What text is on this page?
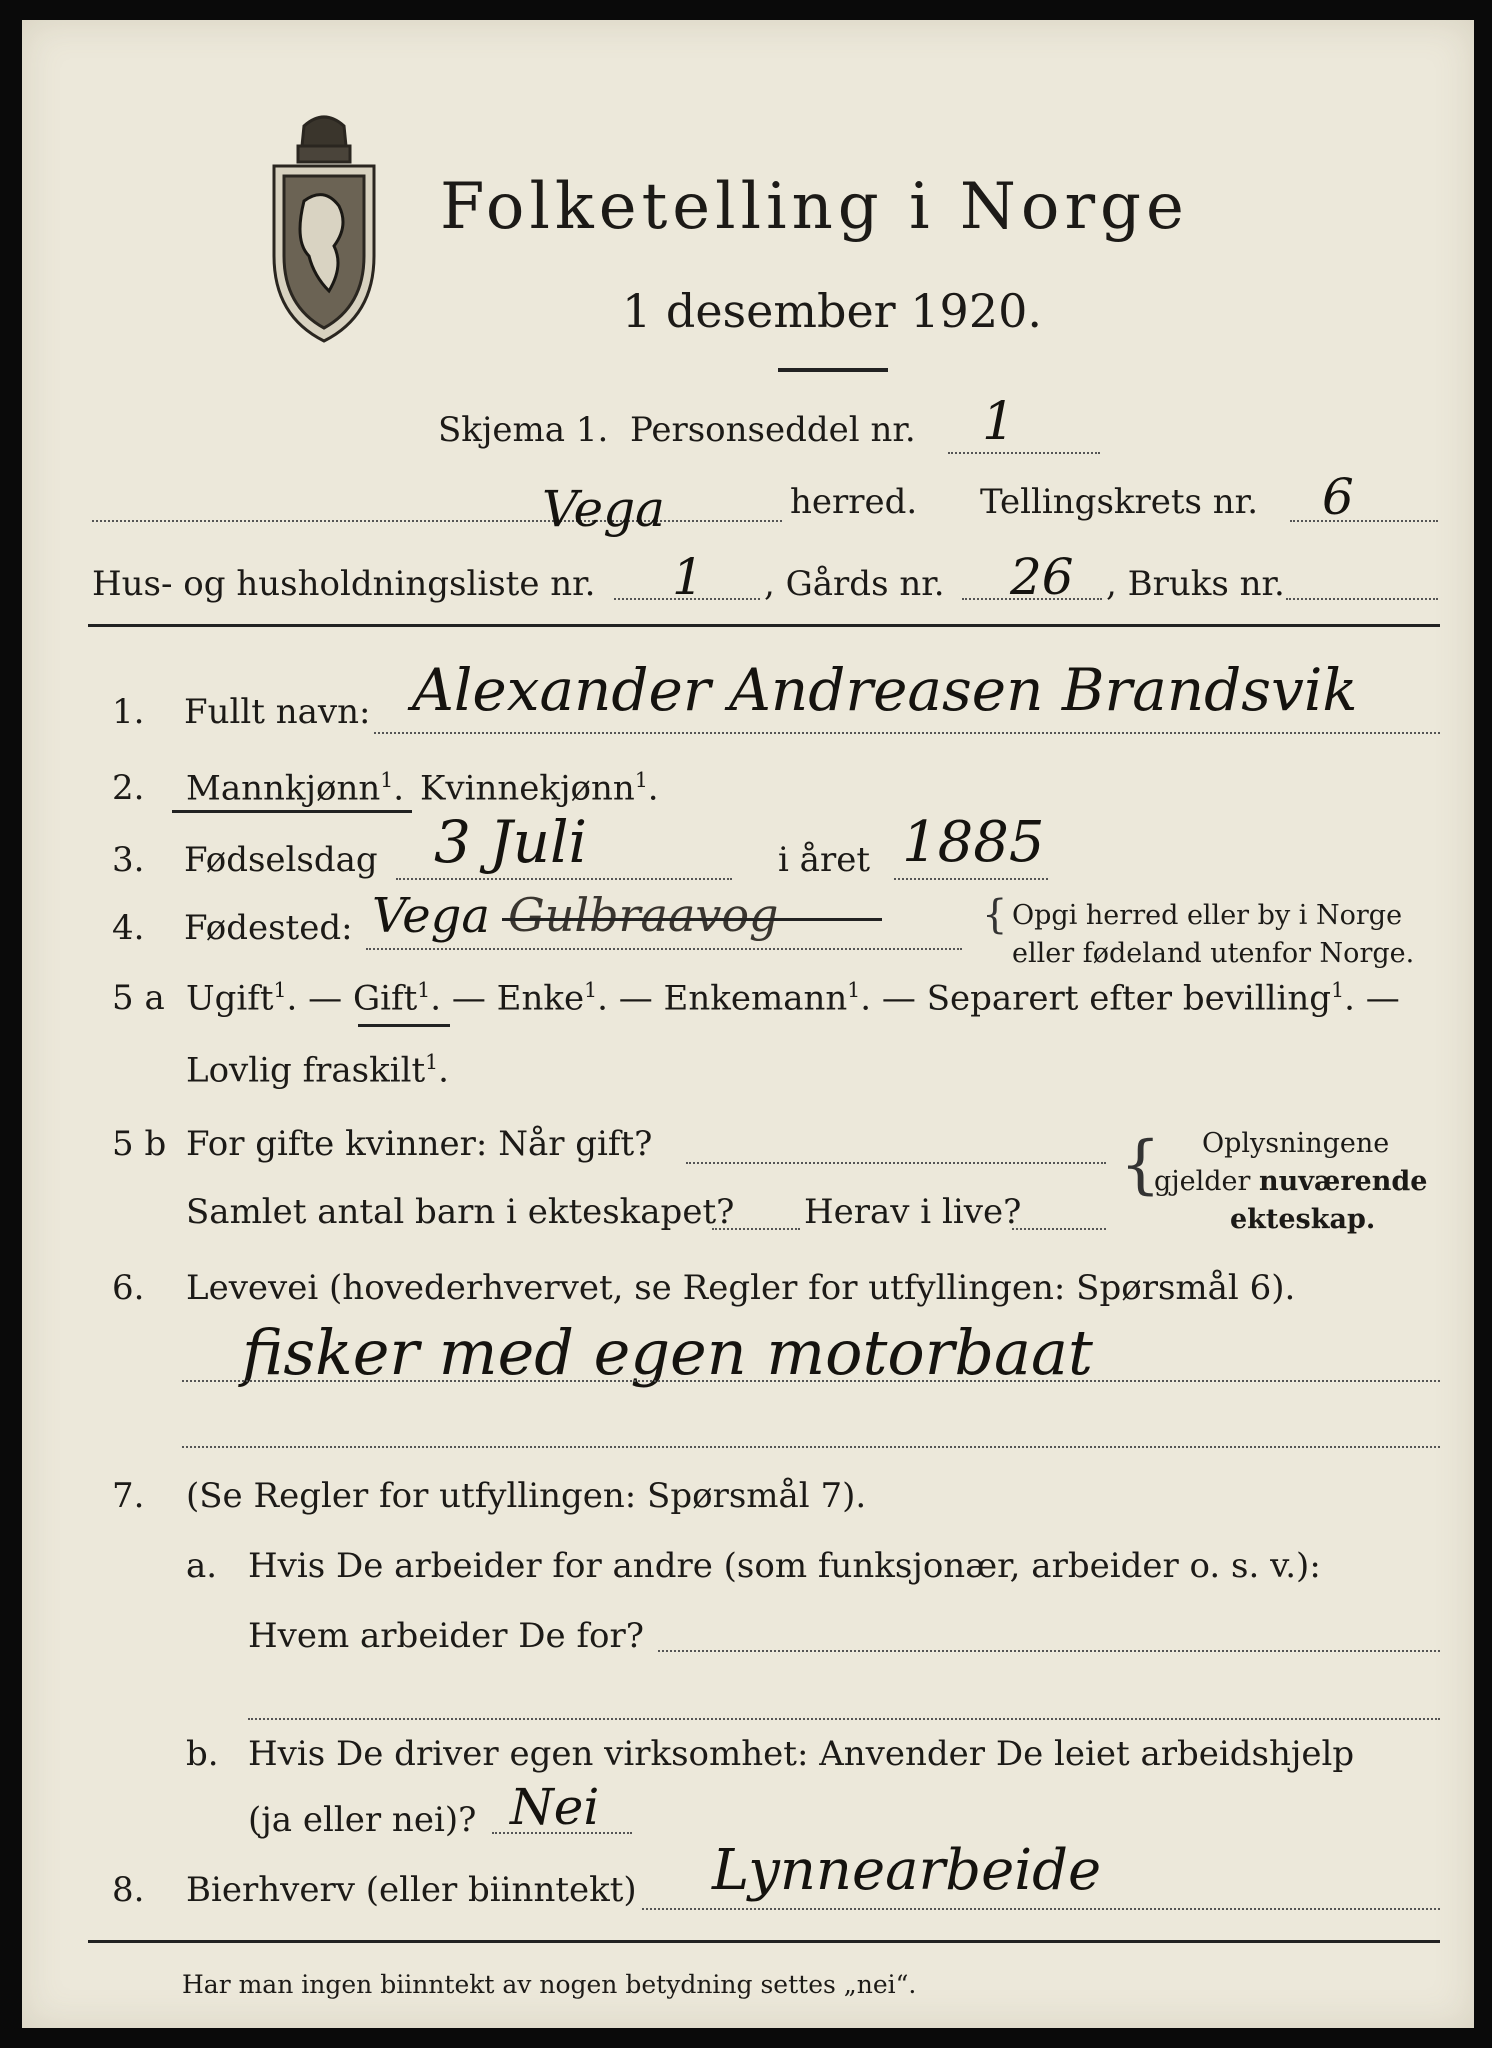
Folketelling i Norge
1 desember 1920.
Skjema 1. Personseddel nr. 1
Vega	herred. Tellingskrets nr. 6
Hus- og husholdningsliste nr. 1 , Gårds nr. 26 , Bruks nr.
1. Fullt navn: Alexander Andreasen Brandsvik
2. Mannkjønn$^1$. Kvinnekjønn$^1$.
3. Fødselsdag 3 Juli	i året 1885
4. Fødested: Vega Gulbraavog	{ Opgi herred eller by i Norge
eller fødeland utenfor Norge.
5 a Ugift$^1$. — Gift$^1$. — Enke$^1$. — Enkemann$^1$. — Separert efter bevilling$^1$. —
Lovlig fraskilt$^1$.
5 b For gifte kvinner: Når gift?
Samlet antal barn i ekteskapet? Herav i live?
{ Oplysningene
gjelder nuværende
ekteskap.
6. Levevei (hovederhvervet, se Regler for utfyllingen: Spørsmål 6).
fisker med egen motorbaat
7. (Se Regler for utfyllingen: Spørsmål 7).
a. Hvis De arbeider for andre (som funksjonær, arbeider o. s. v.):
Hvem arbeider De for?
b. Hvis De driver egen virksomhet: Anvender De leiet arbeidshjelp
(ja eller nei)? Nei
8. Bierhverv (eller biinntekt) Lynnearbeide
Har man ingen biinntekt av nogen betydning settes „nei“.
